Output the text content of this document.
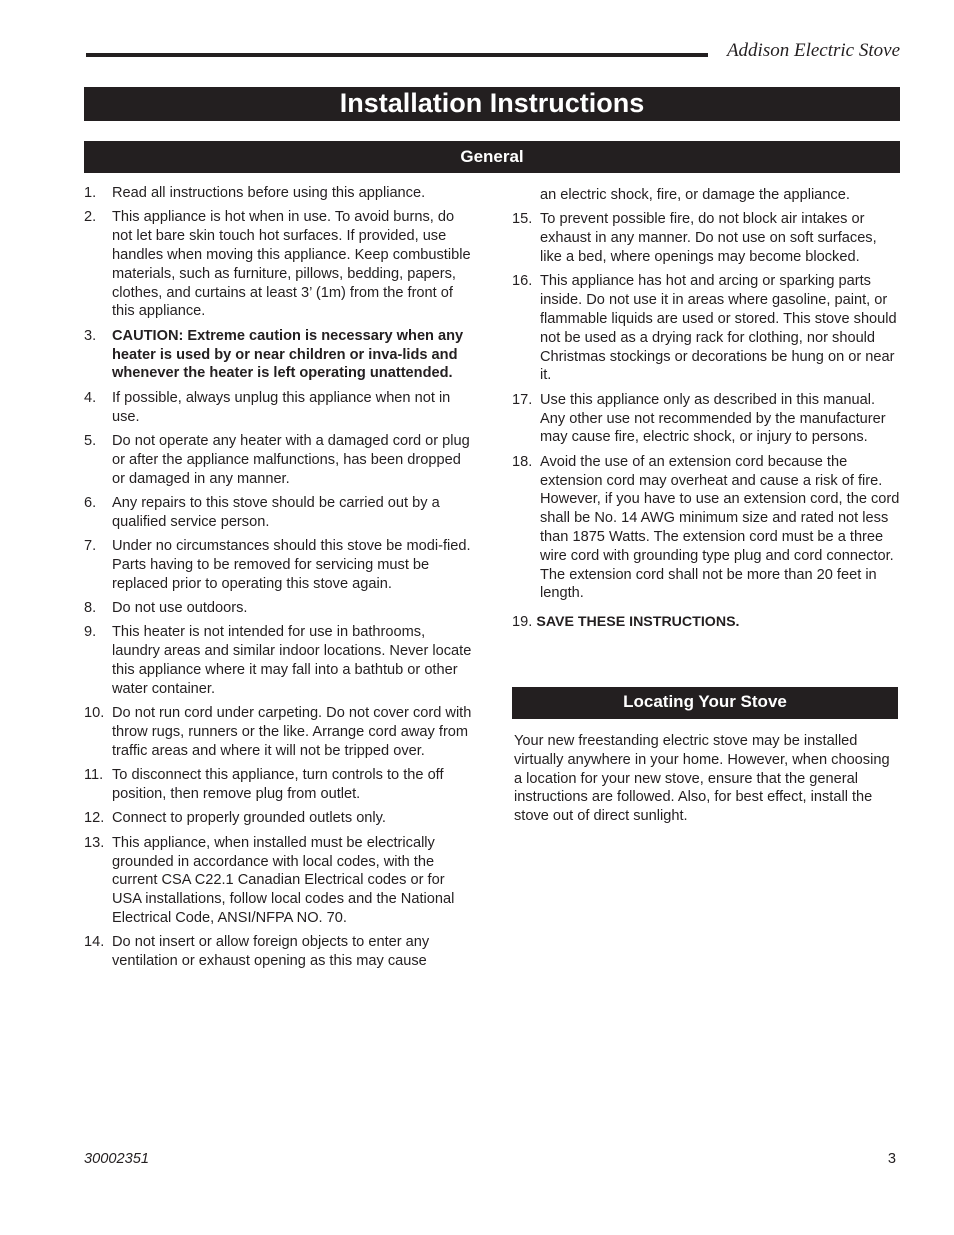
Addison Electric Stove
Installation Instructions
General
1. Read all instructions before using this appliance.
2. This appliance is hot when in use. To avoid burns, do not let bare skin touch hot surfaces. If provided, use handles when moving this appliance. Keep combustible materials, such as furniture, pillows, bedding, papers, clothes, and curtains at least 3’ (1m) from the front of this appliance.
3. CAUTION: Extreme caution is necessary when any heater is used by or near children or inva-lids and whenever the heater is left operating unattended.
4. If possible, always unplug this appliance when not in use.
5. Do not operate any heater with a damaged cord or plug or after the appliance malfunctions, has been dropped or damaged in any manner.
6. Any repairs to this stove should be carried out by a qualified service person.
7. Under no circumstances should this stove be modi-fied. Parts having to be removed for servicing must be replaced prior to operating this stove again.
8. Do not use outdoors.
9. This heater is not intended for use in bathrooms, laundry areas and similar indoor locations. Never locate this appliance where it may fall into a bathtub or other water container.
10. Do not run cord under carpeting. Do not cover cord with throw rugs, runners or the like. Arrange cord away from traffic areas and where it will not be tripped over.
11. To disconnect this appliance, turn controls to the off position, then remove plug from outlet.
12. Connect to properly grounded outlets only.
13. This appliance, when installed must be electrically grounded in accordance with local codes, with the current CSA C22.1 Canadian Electrical codes or for USA installations, follow local codes and the National Electrical Code, ANSI/NFPA NO. 70.
14. Do not insert or allow foreign objects to enter any ventilation or exhaust opening as this may cause
an electric shock, fire, or damage the appliance.
15. To prevent possible fire, do not block air intakes or exhaust in any manner. Do not use on soft surfaces, like a bed, where openings may become blocked.
16. This appliance has hot and arcing or sparking parts inside. Do not use it in areas where gasoline, paint, or flammable liquids are used or stored. This stove should not be used as a drying rack for clothing, nor should Christmas stockings or decorations be hung on or near it.
17. Use this appliance only as described in this manual. Any other use not recommended by the manufacturer may cause fire, electric shock, or injury to persons.
18. Avoid the use of an extension cord because the extension cord may overheat and cause a risk of fire. However, if you have to use an extension cord, the cord shall be No. 14 AWG minimum size and rated not less than 1875 Watts. The extension cord must be a three wire cord with grounding type plug and cord connector. The extension cord shall not be more than 20 feet in length.
19. SAVE THESE INSTRUCTIONS.
Locating Your Stove
Your new freestanding electric stove may be installed virtually anywhere in your home. However, when choosing a location for your new stove, ensure that the general instructions are followed. Also, for best effect, install the stove out of direct sunlight.
30002351	3
